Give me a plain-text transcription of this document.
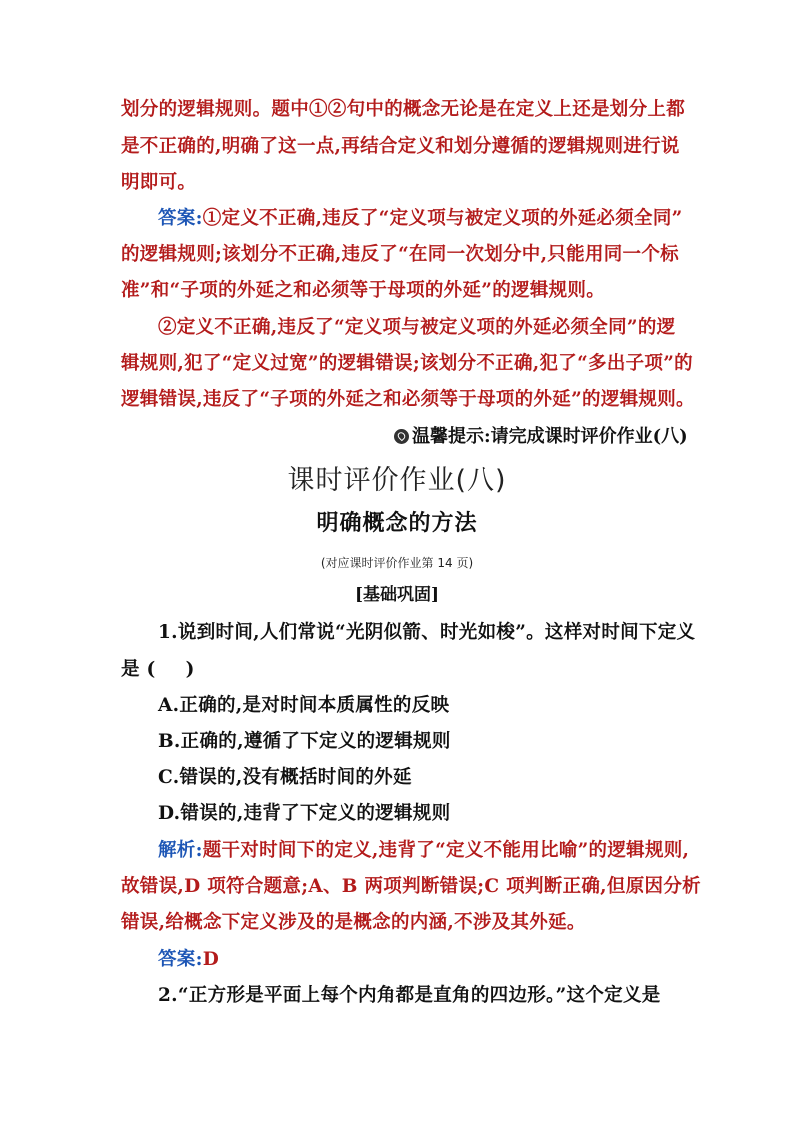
划分的逻辑规则。题中①②句中的概念无论是在定义上还是划分上都
是不正确的,明确了这一点,再结合定义和划分遵循的逻辑规则进行说
明即可。
答案:①定义不正确,违反了“定义项与被定义项的外延必须全同”
的逻辑规则;该划分不正确,违反了“在同一次划分中,只能用同一个标
准”和“子项的外延之和必须等于母项的外延”的逻辑规则。
②定义不正确,违反了“定义项与被定义项的外延必须全同”的逻
辑规则,犯了“定义过宽”的逻辑错误;该划分不正确,犯了“多出子项”的
逻辑错误,违反了“子项的外延之和必须等于母项的外延”的逻辑规则。
温馨提示:请完成课时评价作业(八)
课时评价作业(八)
明确概念的方法
(对应课时评价作业第 14 页)
[基础巩固]
1.说到时间,人们常说“光阴似箭、时光如梭”。这样对时间下定义
是 ( )
A.正确的,是对时间本质属性的反映
B.正确的,遵循了下定义的逻辑规则
C.错误的,没有概括时间的外延
D.错误的,违背了下定义的逻辑规则
解析:题干对时间下的定义,违背了“定义不能用比喻”的逻辑规则,
故错误,D 项符合题意;A、B 两项判断错误;C 项判断正确,但原因分析
错误,给概念下定义涉及的是概念的内涵,不涉及其外延。
答案:D
2.“正方形是平面上每个内角都是直角的四边形。”这个定义是
